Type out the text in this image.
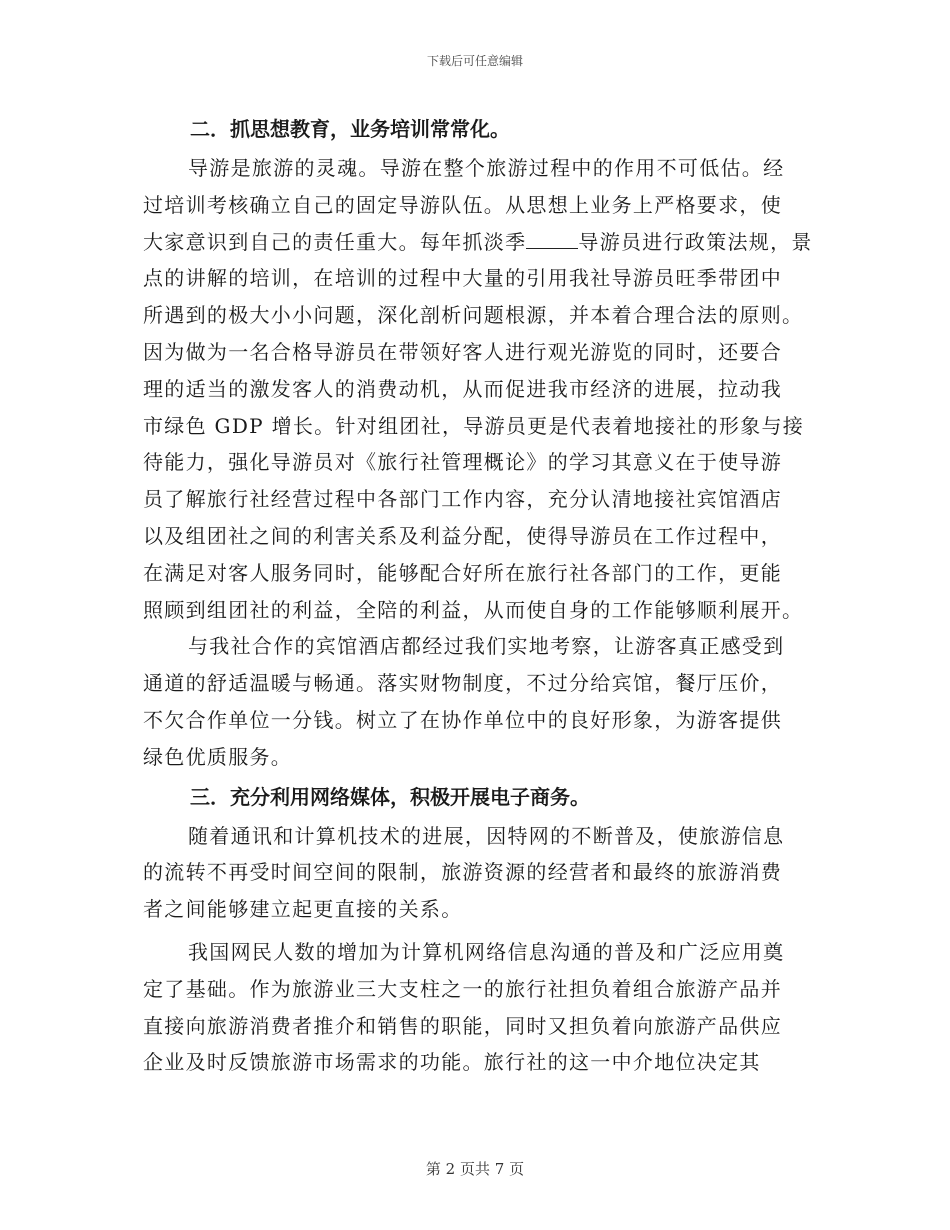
下载后可任意编辑
二．抓思想教育，业务培训常常化。
导游是旅游的灵魂。导游在整个旅游过程中的作用不可低估。经
过培训考核确立自己的固定导游队伍。从思想上业务上严格要求，使
大家意识到自己的责任重大。每年抓淡季	导游员进行政策法规，景
点的讲解的培训，在培训的过程中大量的引用我社导游员旺季带团中
所遇到的极大小小问题，深化剖析问题根源，并本着合理合法的原则。
因为做为一名合格导游员在带领好客人进行观光游览的同时，还要合
理的适当的激发客人的消费动机，从而促进我市经济的进展，拉动我
市绿色 GDP 增长。针对组团社，导游员更是代表着地接社的形象与接
待能力，强化导游员对《旅行社管理概论》的学习其意义在于使导游
员了解旅行社经营过程中各部门工作内容，充分认清地接社宾馆酒店
以及组团社之间的利害关系及利益分配，使得导游员在工作过程中，
在满足对客人服务同时，能够配合好所在旅行社各部门的工作，更能
照顾到组团社的利益，全陪的利益，从而使自身的工作能够顺利展开。
与我社合作的宾馆酒店都经过我们实地考察，让游客真正感受到
通道的舒适温暖与畅通。落实财物制度，不过分给宾馆，餐厅压价，
不欠合作单位一分钱。树立了在协作单位中的良好形象，为游客提供
绿色优质服务。
三．充分利用网络媒体，积极开展电子商务。
随着通讯和计算机技术的进展，因特网的不断普及，使旅游信息
的流转不再受时间空间的限制，旅游资源的经营者和最终的旅游消费
者之间能够建立起更直接的关系。
我国网民人数的增加为计算机网络信息沟通的普及和广泛应用奠
定了基础。作为旅游业三大支柱之一的旅行社担负着组合旅游产品并
直接向旅游消费者推介和销售的职能，同时又担负着向旅游产品供应
企业及时反馈旅游市场需求的功能。旅行社的这一中介地位决定其
第 2 页共 7 页
